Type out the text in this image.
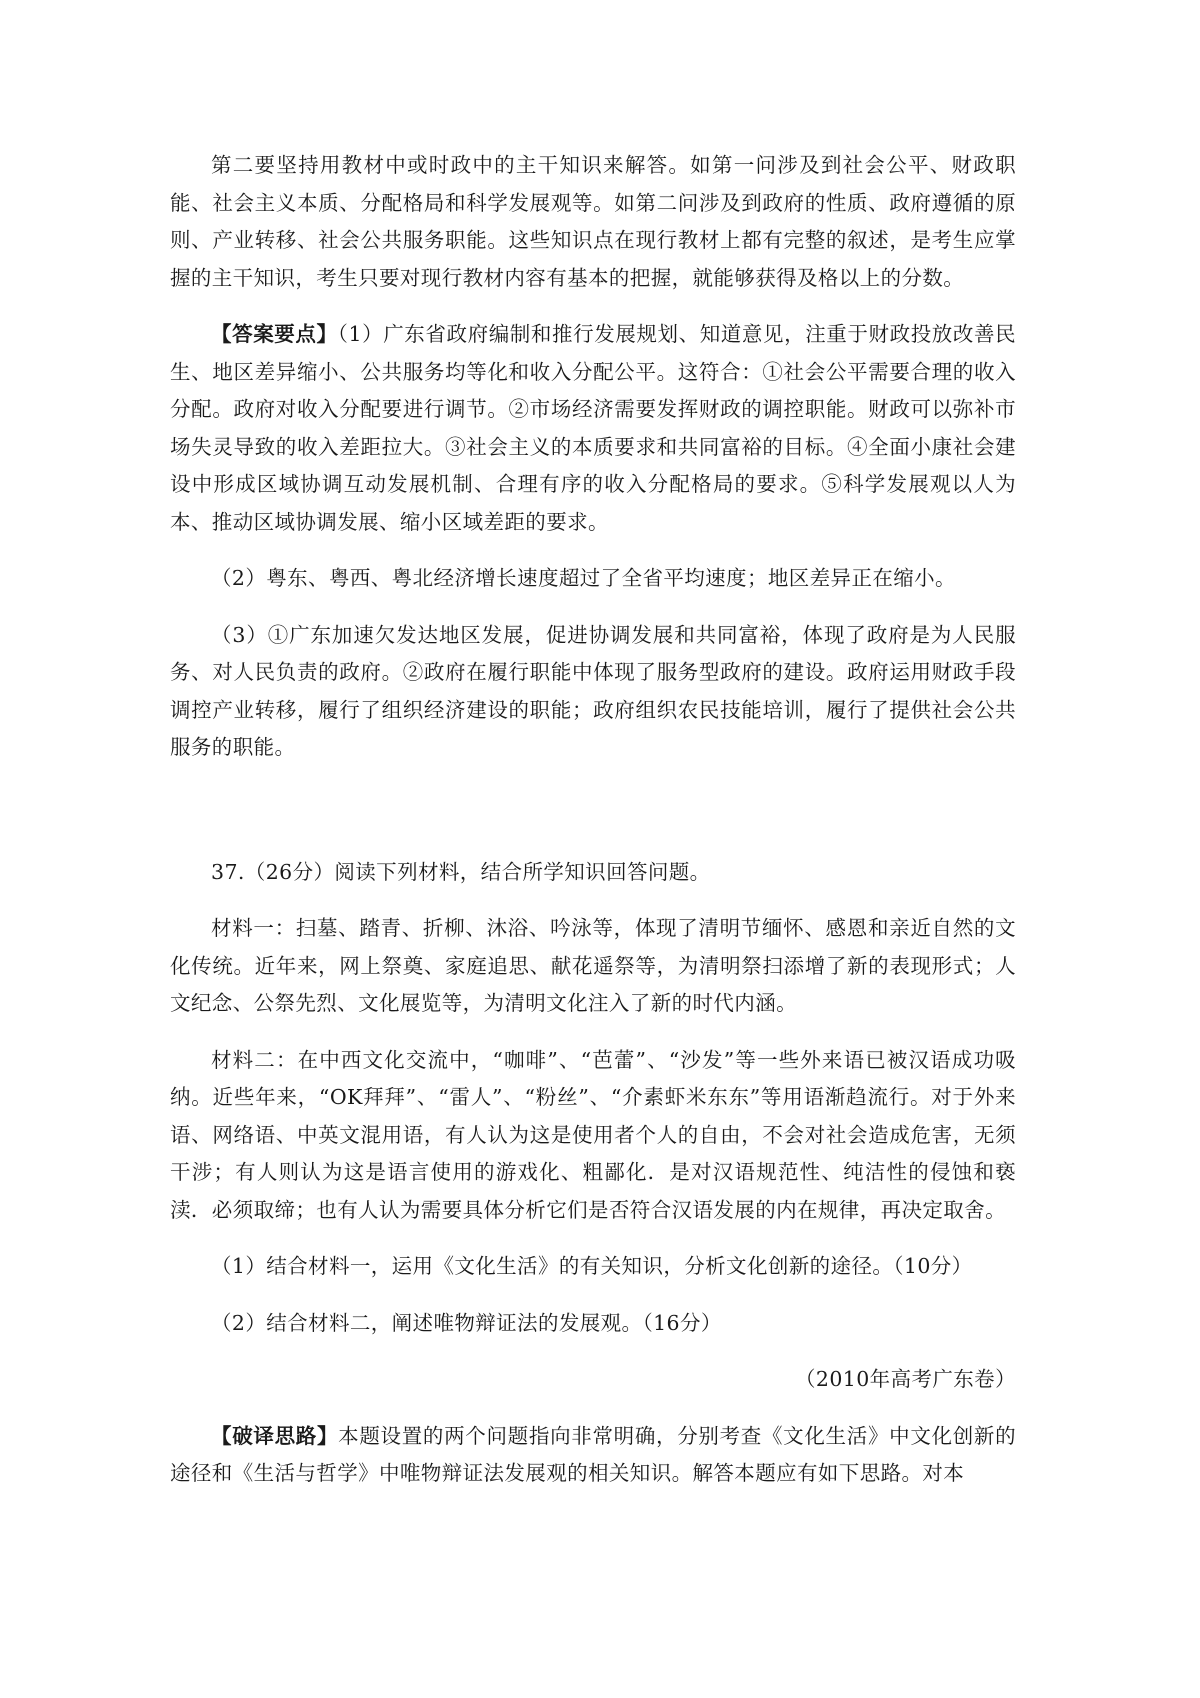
第二要坚持用教材中或时政中的主干知识来解答。如第一问涉及到社会公平、财政职能、社会主义本质、分配格局和科学发展观等。如第二问涉及到政府的性质、政府遵循的原则、产业转移、社会公共服务职能。这些知识点在现行教材上都有完整的叙述，是考生应掌握的主干知识，考生只要对现行教材内容有基本的把握，就能够获得及格以上的分数。

【答案要点】（1）广东省政府编制和推行发展规划、知道意见，注重于财政投放改善民生、地区差异缩小、公共服务均等化和收入分配公平。这符合：①社会公平需要合理的收入分配。政府对收入分配要进行调节。②市场经济需要发挥财政的调控职能。财政可以弥补市场失灵导致的收入差距拉大。③社会主义的本质要求和共同富裕的目标。④全面小康社会建设中形成区域协调互动发展机制、合理有序的收入分配格局的要求。⑤科学发展观以人为本、推动区域协调发展、缩小区域差距的要求。

（2）粤东、粤西、粤北经济增长速度超过了全省平均速度；地区差异正在缩小。

（3）①广东加速欠发达地区发展，促进协调发展和共同富裕，体现了政府是为人民服务、对人民负责的政府。②政府在履行职能中体现了服务型政府的建设。政府运用财政手段调控产业转移，履行了组织经济建设的职能；政府组织农民技能培训，履行了提供社会公共服务的职能。

37.（26分）阅读下列材料，结合所学知识回答问题。

材料一：扫墓、踏青、折柳、沐浴、吟泳等，体现了清明节缅怀、感恩和亲近自然的文化传统。近年来，网上祭奠、家庭追思、献花遥祭等，为清明祭扫添增了新的表现形式；人文纪念、公祭先烈、文化展览等，为清明文化注入了新的时代内涵。

材料二：在中西文化交流中，“咖啡”、“芭蕾”、“沙发”等一些外来语已被汉语成功吸纳。近些年来，“OK拜拜”、“雷人”、“粉丝”、“介素虾米东东”等用语渐趋流行。对于外来语、网络语、中英文混用语，有人认为这是使用者个人的自由，不会对社会造成危害，无须干涉；有人则认为这是语言使用的游戏化、粗鄙化．是对汉语规范性、纯洁性的侵蚀和亵渎．必须取缔；也有人认为需要具体分析它们是否符合汉语发展的内在规律，再决定取舍。

（1）结合材料一，运用《文化生活》的有关知识，分析文化创新的途径。（10分）

（2）结合材料二，阐述唯物辩证法的发展观。（16分）

（2010年高考广东卷）

【破译思路】本题设置的两个问题指向非常明确，分别考查《文化生活》中文化创新的途径和《生活与哲学》中唯物辩证法发展观的相关知识。解答本题应有如下思路。对本
